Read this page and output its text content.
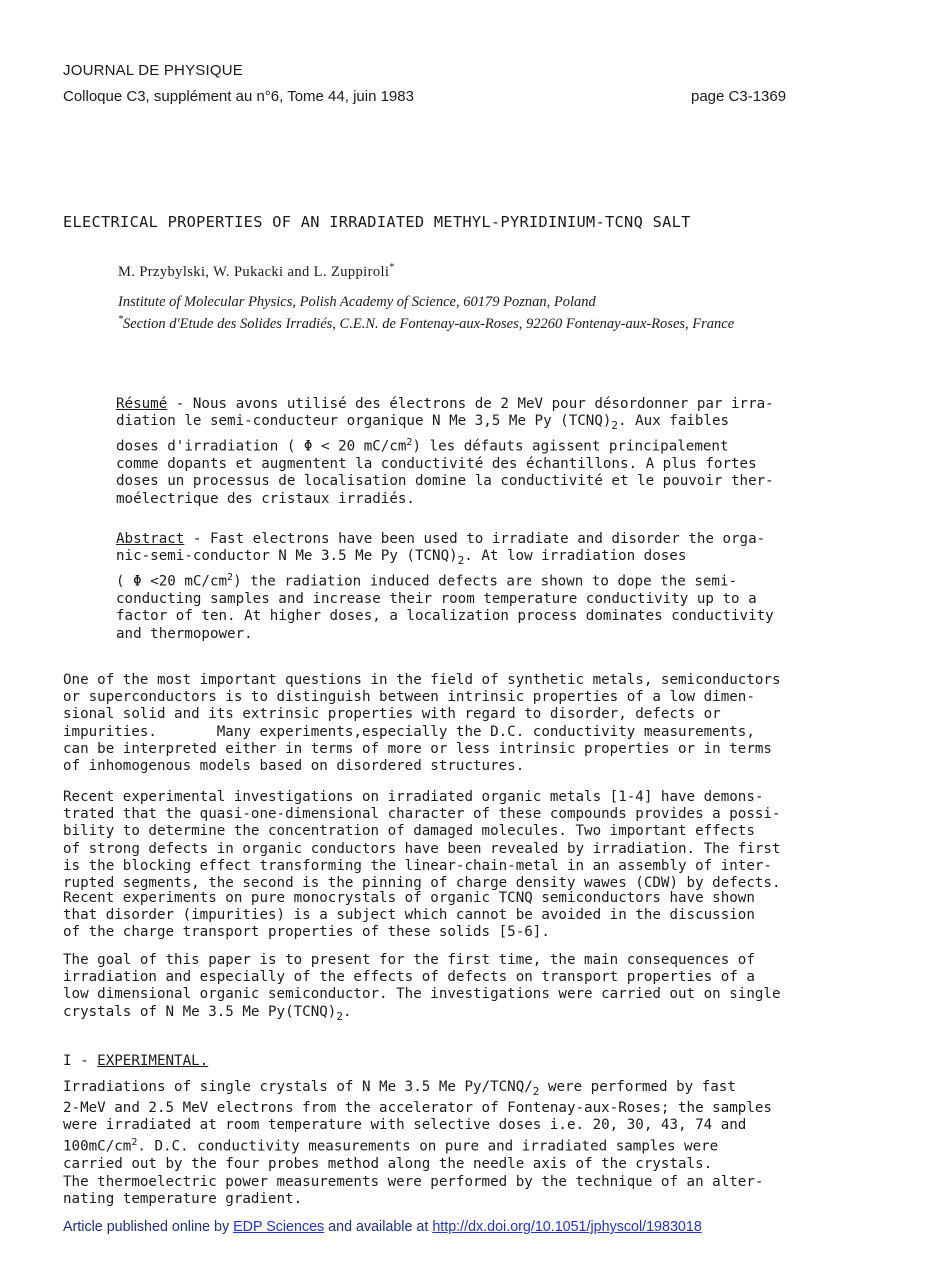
JOURNAL DE PHYSIQUE
Colloque C3, supplément au n°6, Tome 44, juin 1983	page C3-1369
ELECTRICAL PROPERTIES OF AN IRRADIATED METHYL-PYRIDINIUM-TCNQ SALT
M. Przybylski, W. Pukacki and L. Zuppiroli*

Institute of Molecular Physics, Polish Academy of Science, 60179 Poznan, Poland

*Section d'Etude des Solides Irradiés, C.E.N. de Fontenay-aux-Roses, 92260 Fontenay-aux-Roses, France

Résumé - Nous avons utilisé des électrons de 2 MeV pour désordonner par irra-
diation le semi-conducteur organique N Me 3,5 Me Py $(TCNQ)_2$. Aux faibles
doses d'irradiation ( Φ < 20 $mC/cm^2$) les défauts agissent principalement
comme dopants et augmentent la conductivité des échantillons. A plus fortes
doses un processus de localisation domine la conductivité et le pouvoir ther-
moélectrique des cristaux irradiés.
Abstract - Fast electrons have been used to irradiate and disorder the orga-
nic-semi-conductor N Me 3.5 Me Py $(TCNQ)_2$. At low irradiation doses
( Φ <20 $mC/cm^2$) the radiation induced defects are shown to dope the semi-
conducting samples and increase their room temperature conductivity up to a
factor of ten. At higher doses, a localization process dominates conductivity
and thermopower.
One of the most important questions in the field of synthetic metals, semiconductors
or superconductors is to distinguish between intrinsic properties of a low dimen-
sional solid and its extrinsic properties with regard to disorder, defects or
impurities.       Many experiments,especially the D.C. conductivity measurements,
can be interpreted either in terms of more or less intrinsic properties or in terms
of inhomogenous models based on disordered structures.
Recent experimental investigations on irradiated organic metals [1-4] have demons-
trated that the quasi-one-dimensional character of these compounds provides a possi-
bility to determine the concentration of damaged molecules. Two important effects
of strong defects in organic conductors have been revealed by irradiation. The first
is the blocking effect transforming the linear-chain-metal in an assembly of inter-
rupted segments, the second is the pinning of charge density wawes (CDW) by defects.
Recent experiments on pure monocrystals of organic TCNQ semiconductors have shown
that disorder (impurities) is a subject which cannot be avoided in the discussion
of the charge transport properties of these solids [5-6].
The goal of this paper is to present for the first time, the main consequences of
irradiation and especially of the effects of defects on transport properties of a
low dimensional organic semiconductor. The investigations were carried out on single
crystals of N Me 3.5 Me $Py(TCNQ)_2$.
I - EXPERIMENTAL.
Irradiations of single crystals of N Me 3.5 Me $Py/TCNQ/_2$ were performed by fast
2-MeV and 2.5 MeV electrons from the accelerator of Fontenay-aux-Roses; the samples
were irradiated at room temperature with selective doses i.e. 20, 30, 43, 74 and
$100mC/cm^2$. D.C. conductivity measurements on pure and irradiated samples were
carried out by the four probes method along the needle axis of the crystals.
The thermoelectric power measurements were performed by the technique of an alter-
nating temperature gradient.
Article published online by EDP Sciences and available at http://dx.doi.org/10.1051/jphyscol/1983018
